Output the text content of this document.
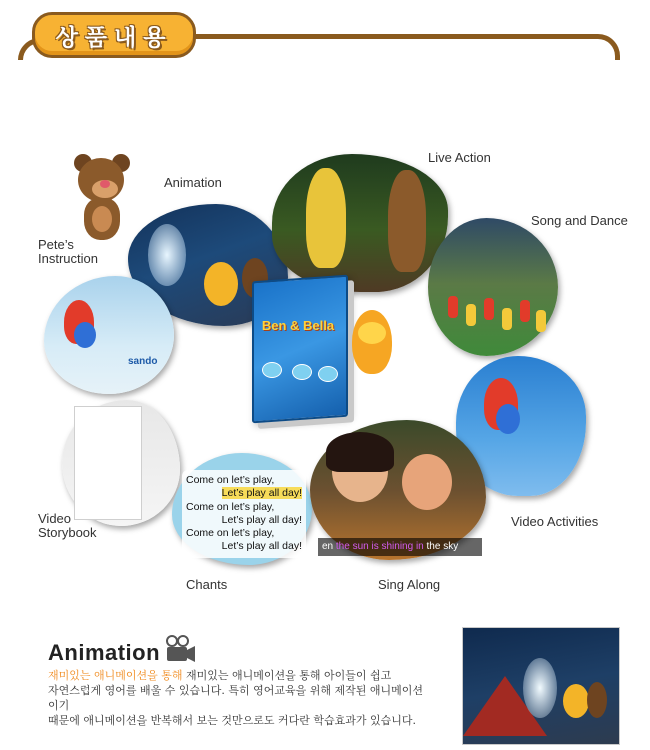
상품내용
sando
Come on let’s play,
Let’s play all day!
Come on let’s play,
Let’s play all day!
Come on let’s play,
Let’s play all day!	en the sun is shining in the sky
Ben & Bella
Animation
Live Action
Song and Dance
Pete’s
Instruction
Video
Storybook
Video Activities
Chants	Sing Along
Animation
재미있는 애니메이션을 통해 재미있는 애니메이션을 통해 아이들이 쉽고
자연스럽게 영어를 배울 수 있습니다. 특히 영어교육을 위해 제작된 애니메이션이기
때문에 애니메이션을 반복해서 보는 것만으로도 커다란 학습효과가 있습니다.
